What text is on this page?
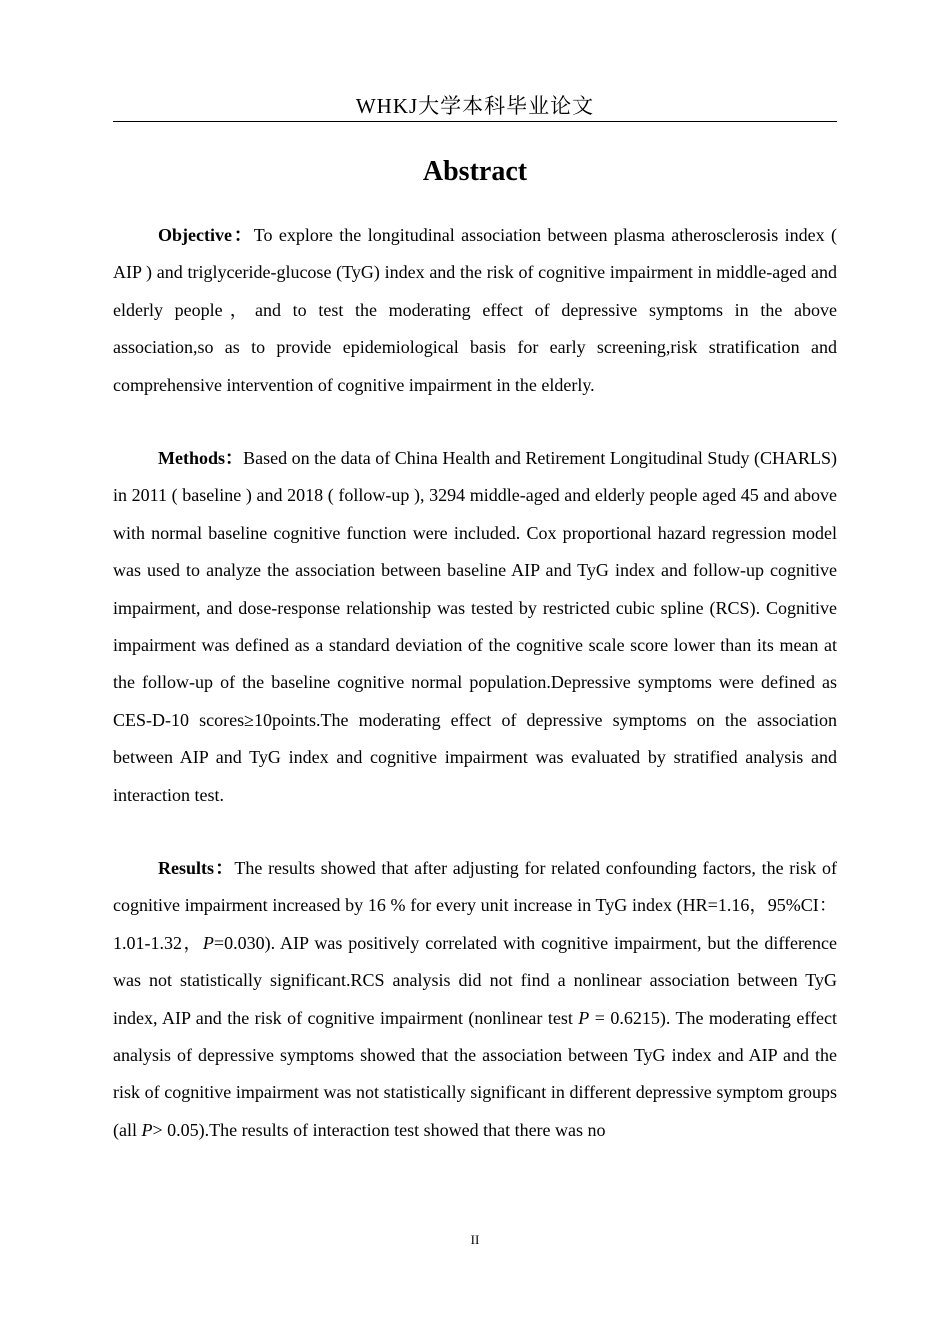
WHKJ大学本科毕业论文
Abstract

Objective：To explore the longitudinal association between plasma atherosclerosis index ( AIP ) and triglyceride-glucose (TyG) index and the risk of cognitive impairment in middle-aged and elderly people，and to test the moderating effect of depressive symptoms in the above association,so as to provide epidemiological basis for early screening,risk stratification and comprehensive intervention of cognitive impairment in the elderly.

Methods：Based on the data of China Health and Retirement Longitudinal Study (CHARLS) in 2011 ( baseline ) and 2018 ( follow-up ), 3294 middle-aged and elderly people aged 45 and above with normal baseline cognitive function were included. Cox proportional hazard regression model was used to analyze the association between baseline AIP and TyG index and follow-up cognitive impairment, and dose-response relationship was tested by restricted cubic spline (RCS). Cognitive impairment was defined as a standard deviation of the cognitive scale score lower than its mean at the follow-up of the baseline cognitive normal population.Depressive symptoms were defined as CES-D-10 scores≥10points.The moderating effect of depressive symptoms on the association between AIP and TyG index and cognitive impairment was evaluated by stratified analysis and interaction test.

Results：The results showed that after adjusting for related confounding factors, the risk of cognitive impairment increased by 16 % for every unit increase in TyG index (HR=1.16，95%CI：1.01-1.32，P=0.030). AIP was positively correlated with cognitive impairment, but the difference was not statistically significant.RCS analysis did not find a nonlinear association between TyG index, AIP and the risk of cognitive impairment (nonlinear test P = 0.6215). The moderating effect analysis of depressive symptoms showed that the association between TyG index and AIP and the risk of cognitive impairment was not statistically significant in different depressive symptom groups (all P> 0.05).The results of interaction test showed that there was no

II
